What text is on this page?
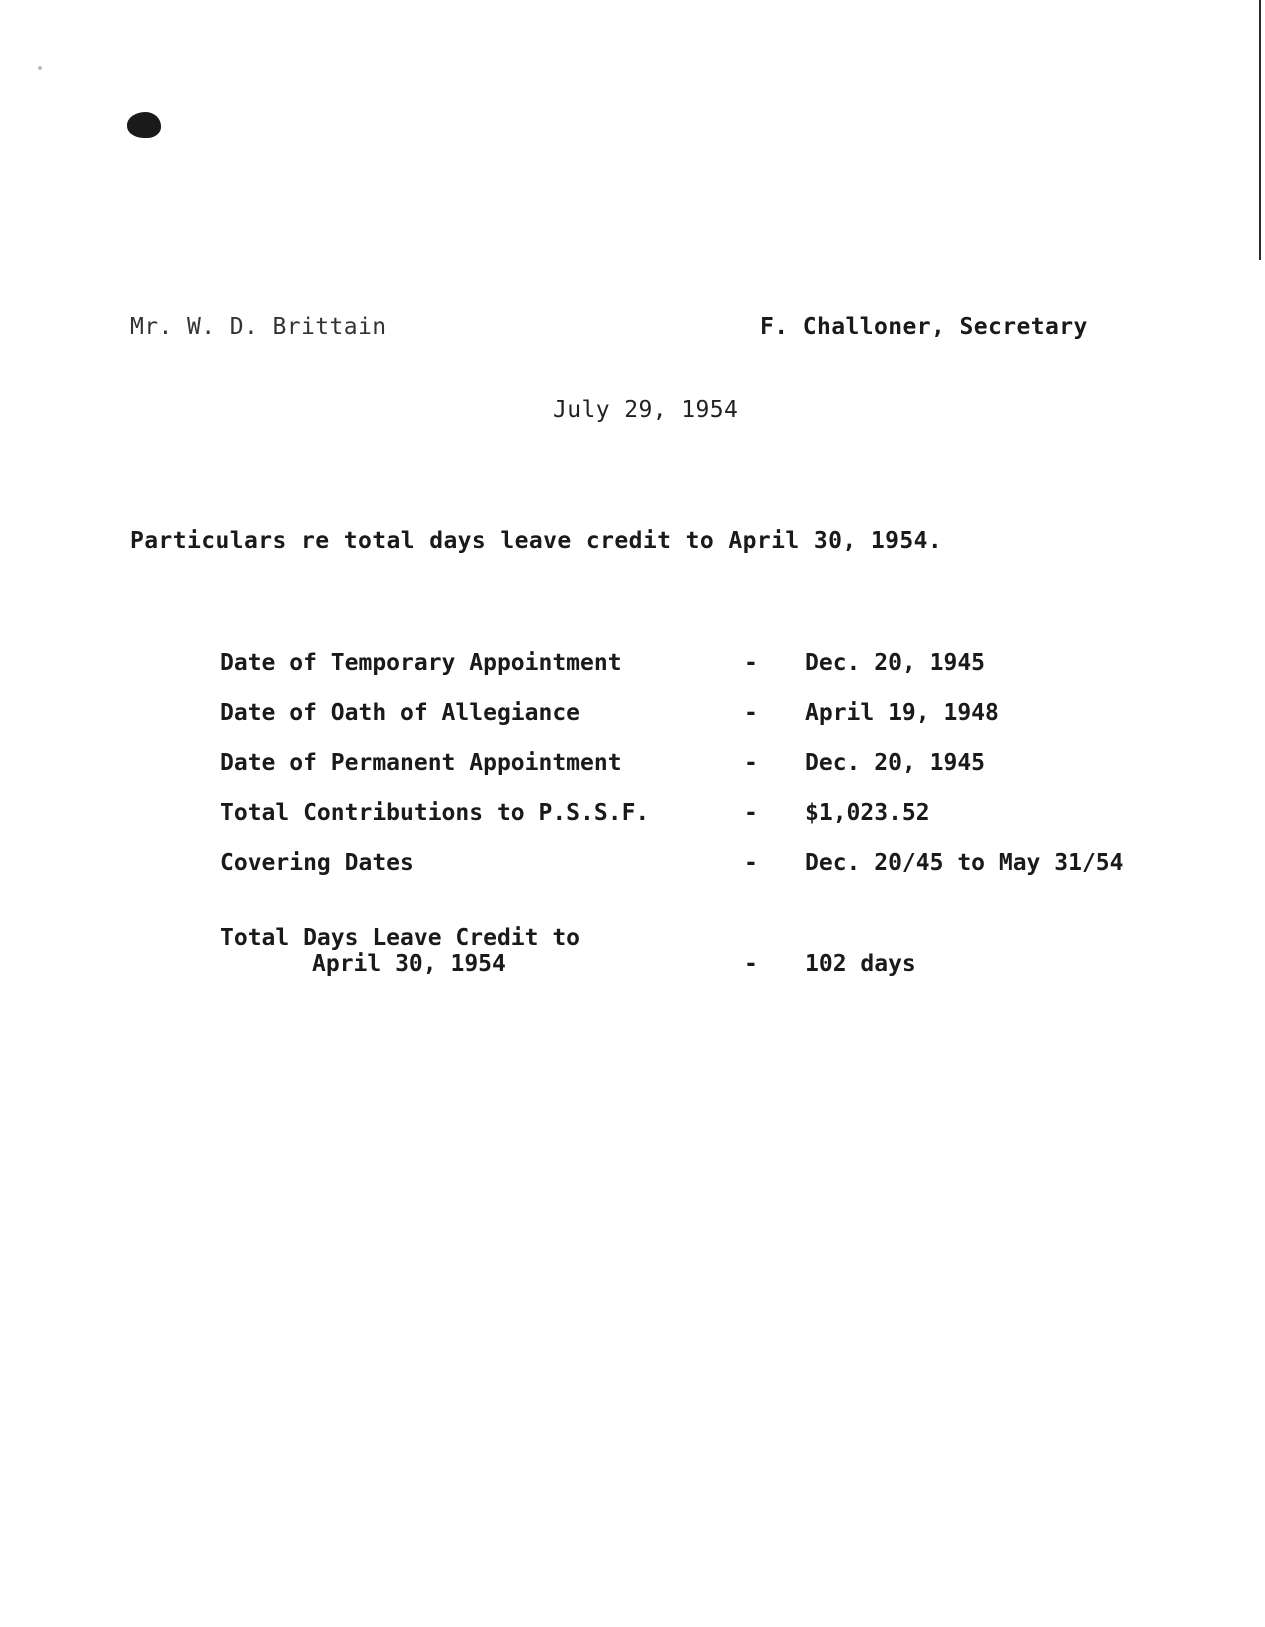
Mr. W. D. Brittain	F. Challoner, Secretary
July 29, 1954
Particulars re total days leave credit to April 30, 1954.
Date of Temporary Appointment	- Dec. 20, 1945
Date of Oath of Allegiance	- April 19, 1948
Date of Permanent Appointment	- Dec. 20, 1945
Total Contributions to P.S.S.F.	- $1,023.52
Covering Dates	- Dec. 20/45 to May 31/54
Total Days Leave Credit to
April 30, 1954	- 102 days
